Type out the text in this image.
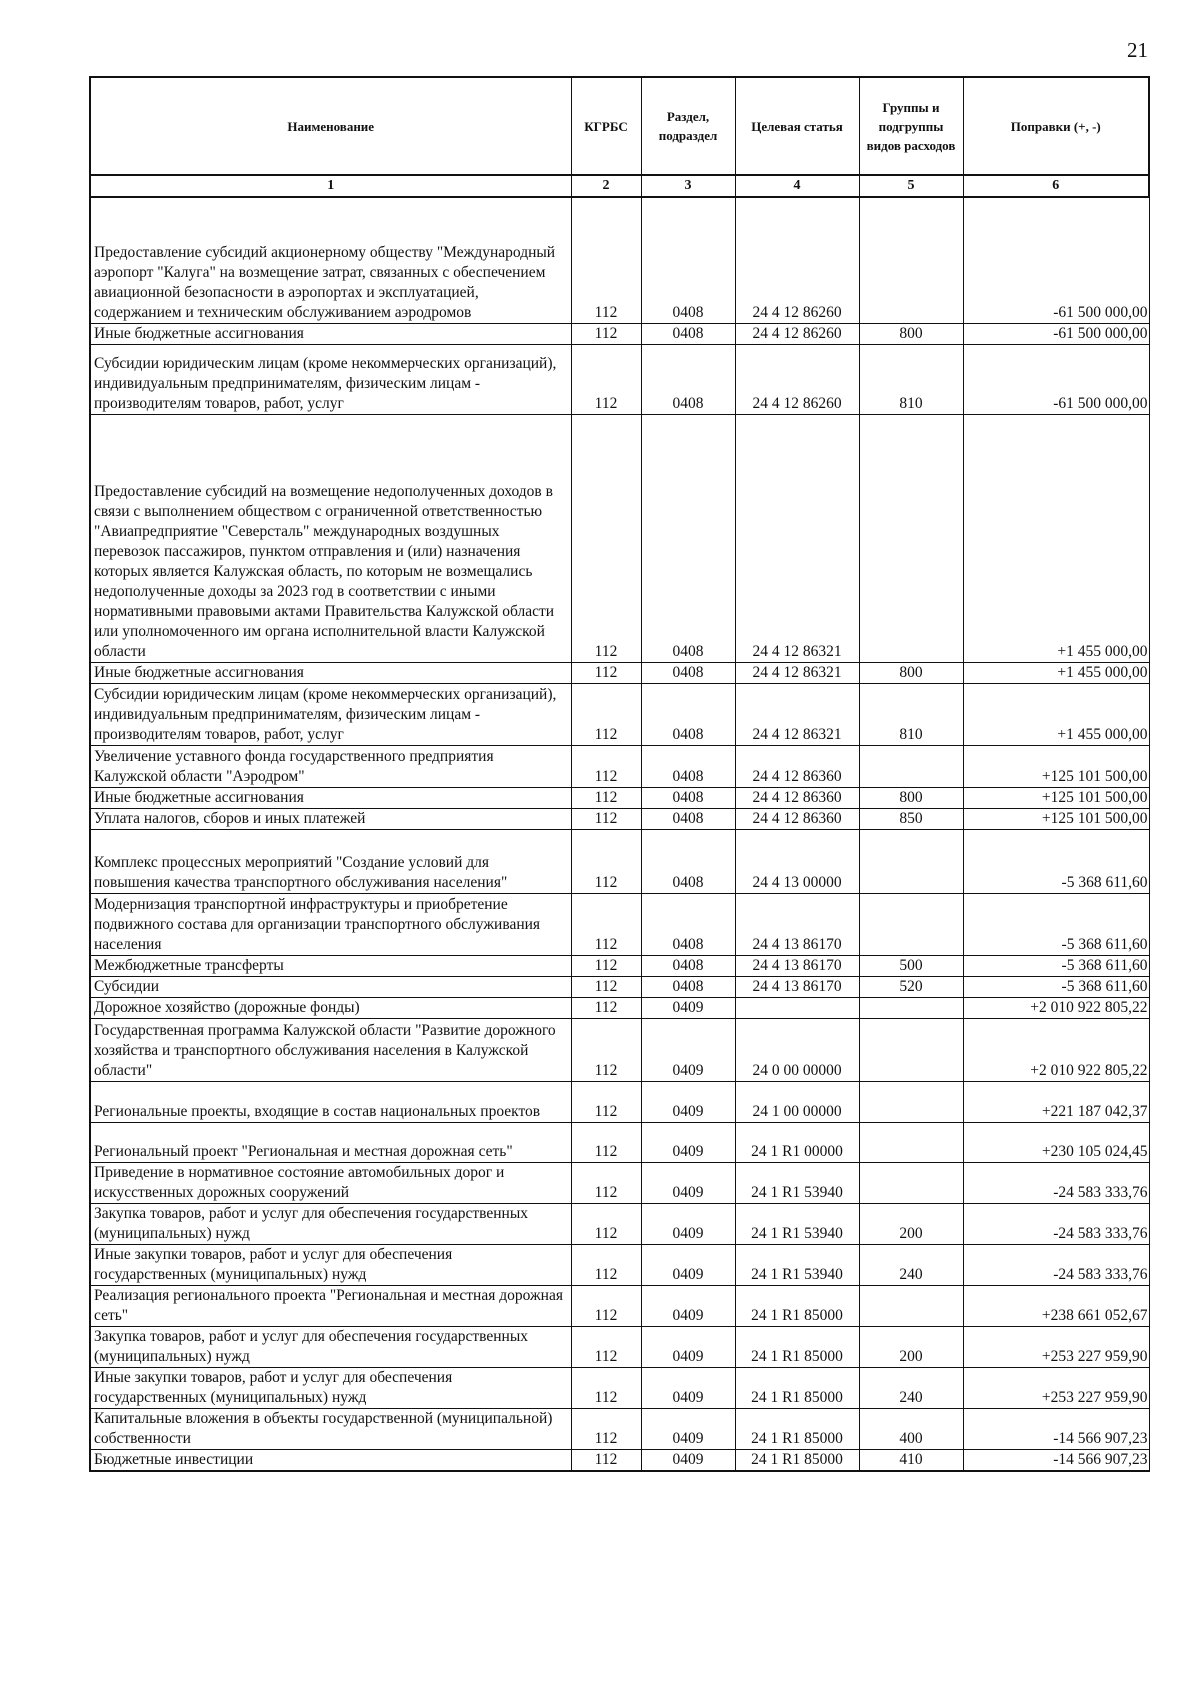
21
Наименование	КГРБС	Раздел, подраздел	Целевая статья	Группы и подгруппы видов расходов	Поправки (+, -)
1	2	3	4	5	6
Предоставление субсидий акционерному обществу "Международный аэропорт "Калуга" на возмещение затрат, связанных с обеспечением авиационной безопасности в аэропортах и эксплуатацией, содержанием и техническим обслуживанием аэродромов	112	0408	24 4 12 86260		-61 500 000,00
Иные бюджетные ассигнования	112	0408	24 4 12 86260	800	-61 500 000,00
Субсидии юридическим лицам (кроме некоммерческих организаций), индивидуальным предпринимателям, физическим лицам - производителям товаров, работ, услуг	112	0408	24 4 12 86260	810	-61 500 000,00
Предоставление субсидий на возмещение недополученных доходов в связи с выполнением обществом с ограниченной ответственностью "Авиапредприятие "Северсталь" международных воздушных перевозок пассажиров, пунктом отправления и (или) назначения которых является Калужская область, по которым не возмещались недополученные доходы за 2023 год в соответствии с иными нормативными правовыми актами Правительства Калужской области или уполномоченного им органа исполнительной власти Калужской области	112	0408	24 4 12 86321		+1 455 000,00
Иные бюджетные ассигнования	112	0408	24 4 12 86321	800	+1 455 000,00
Субсидии юридическим лицам (кроме некоммерческих организаций), индивидуальным предпринимателям, физическим лицам - производителям товаров, работ, услуг	112	0408	24 4 12 86321	810	+1 455 000,00
Увеличение уставного фонда государственного предприятия Калужской области "Аэродром"	112	0408	24 4 12 86360		+125 101 500,00
Иные бюджетные ассигнования	112	0408	24 4 12 86360	800	+125 101 500,00
Уплата налогов, сборов и иных платежей	112	0408	24 4 12 86360	850	+125 101 500,00
Комплекс процессных мероприятий "Создание условий для повышения качества транспортного обслуживания населения"	112	0408	24 4 13 00000		-5 368 611,60
Модернизация транспортной инфраструктуры и приобретение подвижного состава для организации транспортного обслуживания населения	112	0408	24 4 13 86170		-5 368 611,60
Межбюджетные трансферты	112	0408	24 4 13 86170	500	-5 368 611,60
Субсидии	112	0408	24 4 13 86170	520	-5 368 611,60
Дорожное хозяйство (дорожные фонды)	112	0409			+2 010 922 805,22
Государственная программа Калужской области "Развитие дорожного хозяйства и транспортного обслуживания населения в Калужской области"	112	0409	24 0 00 00000		+2 010 922 805,22
Региональные проекты, входящие в состав национальных проектов	112	0409	24 1 00 00000		+221 187 042,37
Региональный проект "Региональная и местная дорожная сеть"	112	0409	24 1 R1 00000		+230 105 024,45
Приведение в нормативное состояние автомобильных дорог и искусственных дорожных сооружений	112	0409	24 1 R1 53940		-24 583 333,76
Закупка товаров, работ и услуг для обеспечения государственных (муниципальных) нужд	112	0409	24 1 R1 53940	200	-24 583 333,76
Иные закупки товаров, работ и услуг для обеспечения государственных (муниципальных) нужд	112	0409	24 1 R1 53940	240	-24 583 333,76
Реализация регионального проекта "Региональная и местная дорожная сеть"	112	0409	24 1 R1 85000		+238 661 052,67
Закупка товаров, работ и услуг для обеспечения государственных (муниципальных) нужд	112	0409	24 1 R1 85000	200	+253 227 959,90
Иные закупки товаров, работ и услуг для обеспечения государственных (муниципальных) нужд	112	0409	24 1 R1 85000	240	+253 227 959,90
Капитальные вложения в объекты государственной (муниципальной) собственности	112	0409	24 1 R1 85000	400	-14 566 907,23
Бюджетные инвестиции	112	0409	24 1 R1 85000	410	-14 566 907,23
